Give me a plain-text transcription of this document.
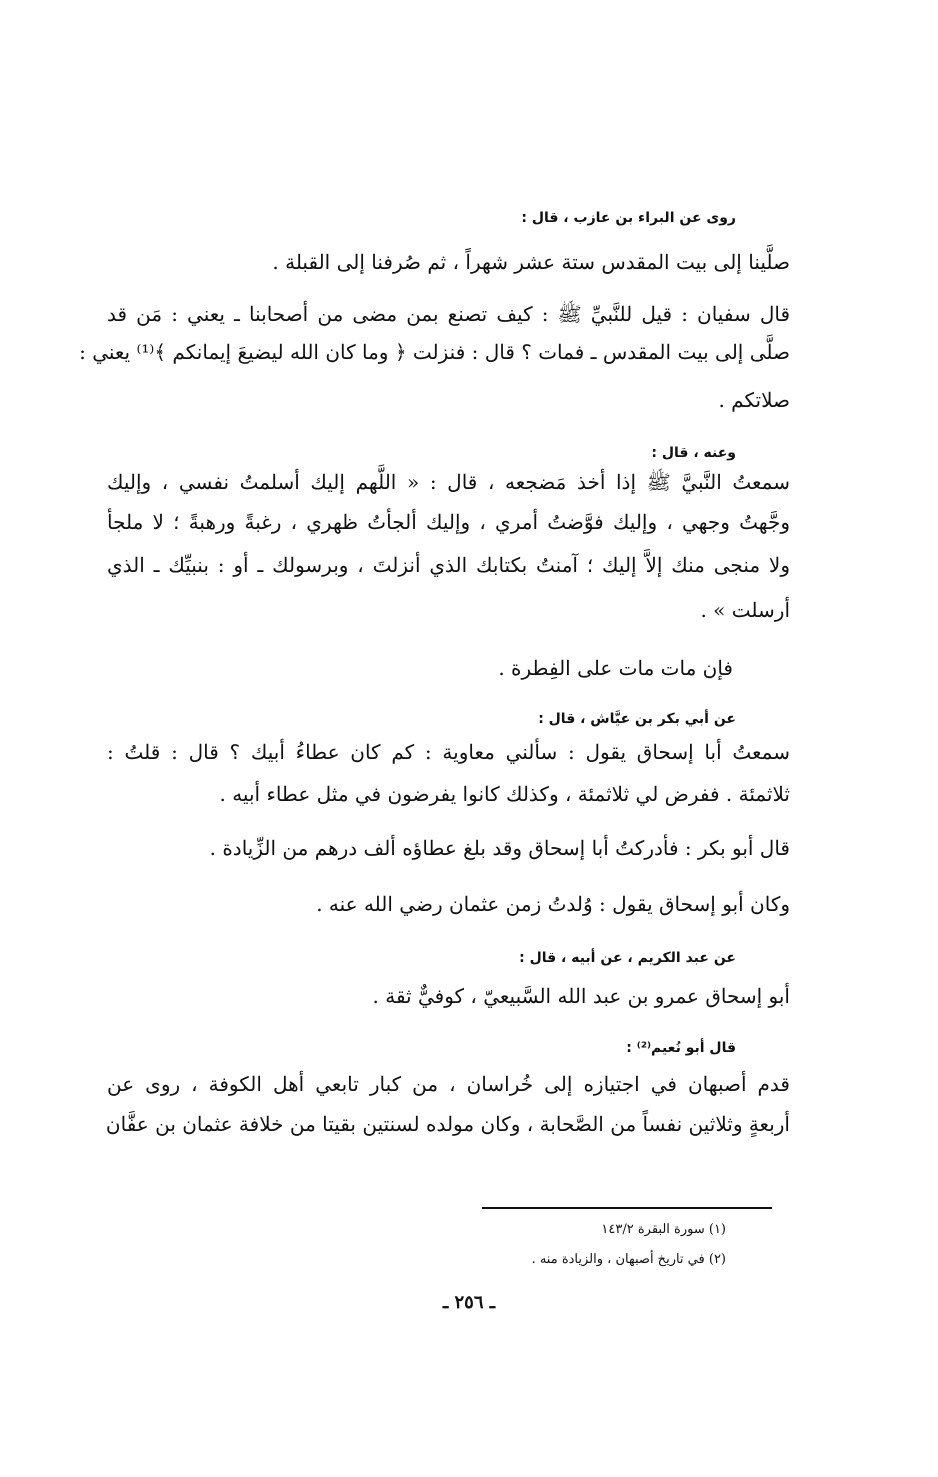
روى عن البراء بن عازب ، قال :

صلَّينا إلى بيت المقدس ستة عشر شهراً ، ثم صُرفنا إلى القبلة .

قال سفيان : قيل للنَّبيِّ ﷺ : كيف تصنع بمن مضى من أصحابنا ـ يعني : مَن قد

صلَّى إلى بيت المقدس ـ فمات ؟ قال : فنزلت ﴿ وما كان الله ليضيعَ إيمانكم ﴾⁽¹⁾ يعني :

صلاتكم .

وعنه ، قال :

سمعتُ النَّبيَّ ﷺ إذا أخذ مَضجعه ، قال : « اللَّهم إليك أسلمتُ نفسي ، وإليك

وجَّهتُ وجهي ، وإليك فوَّضتُ أمري ، وإليك ألجأتُ ظهري ، رغبةً ورهبةً ؛ لا ملجأ

ولا منجى منك إلاَّ إليك ؛ آمنتُ بكتابك الذي أنزلتَ ، وبرسولك ـ أو : بنبيِّك ـ الذي

أرسلت » .

فإن مات مات على الفِطرة .

عن أبي بكر بن عيَّاش ، قال :

سمعتُ أبا إسحاق يقول : سألني معاوية : كم كان عطاءُ أبيك ؟ قال : قلتُ :

ثلاثمئة . ففرض لي ثلاثمئة ، وكذلك كانوا يفرضون في مثل عطاء أبيه .

قال أبو بكر : فأدركتُ أبا إسحاق وقد بلغ عطاؤه ألف درهم من الزِّيادة .

وكان أبو إسحاق يقول : وُلدتُ زمن عثمان رضي الله عنه .

عن عبد الكريم ، عن أبيه ، قال :

أبو إسحاق عمرو بن عبد الله السَّبيعيّ ، كوفيٌّ ثقة .

قال أبو نُعيم⁽²⁾ :

قدم أصبهان في اجتيازه إلى خُراسان ، من كبار تابعي أهل الكوفة ، روى عن

أربعةٍ وثلاثين نفساً من الصَّحابة ، وكان مولده لسنتين بقيتا من خلافة عثمان بن عفَّان

(١) سورة البقرة ١٤٣/٢

(٢) في تاريخ أصبهان ، والزيادة منه .

ـ ٢٥٦ ـ
